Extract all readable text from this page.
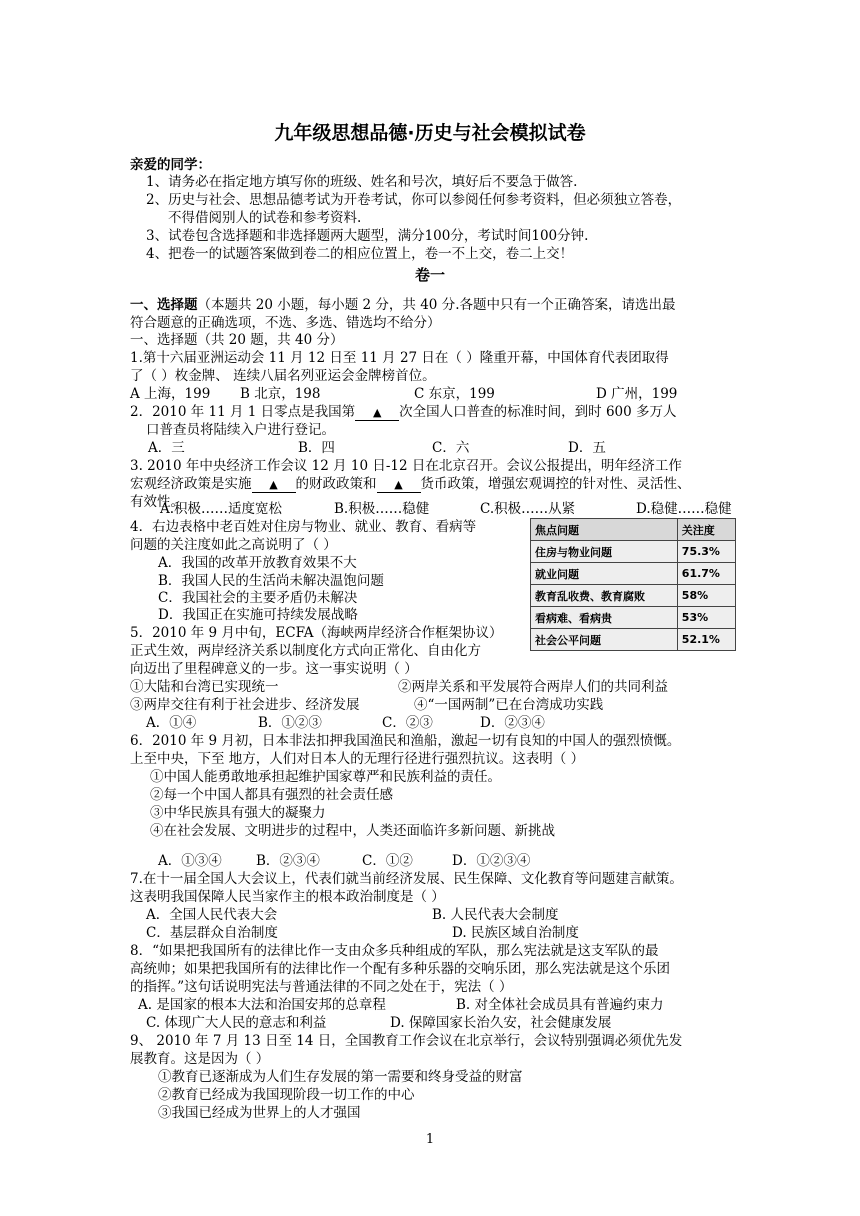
九年级思想品德·历史与社会模拟试卷
亲爱的同学：
1、请务必在指定地方填写你的班级、姓名和号次，填好后不要急于做答.
2、历史与社会、思想品德考试为开卷考试，你可以参阅任何参考资料，但必须独立答卷，
不得借阅别人的试卷和参考资料.
3、试卷包含选择题和非选择题两大题型，满分100分，考试时间100分钟.
4、把卷一的试题答案做到卷二的相应位置上，卷一不上交，卷二上交！
卷一
一、选择题（本题共 20 小题，每小题 2 分，共 40 分.各题中只有一个正确答案，请选出最
符合题意的正确选项，不选、多选、错选均不给分）
一、选择题（共 20 题，共 40 分）
1.第十六届亚洲运动会 11 月 12 日至 11 月 27 日在（ ）隆重开幕，中国体育代表团取得
了（ ）枚金牌、 连续八届名列亚运会金牌榜首位。
A 上海，199 B 北京，198	C 东京，199	D 广州，199
2．2010 年 11 月 1 日零点是我国第 ▲ 次全国人口普查的标准时间，到时 600 多万人
口普查员将陆续入户进行登记。
A．三	B．四	C．六	D．五
3. 2010 年中央经济工作会议 12 月 10 日-12 日在北京召开。会议公报提出，明年经济工作
宏观经济政策是实施 ▲ 的财政政策和 ▲ 货币政策，增强宏观调控的针对性、灵活性、
有效性。
A.积极……适度宽松	B.积极……稳健	C.积极……从紧	D.稳健……稳健
4．右边表格中老百姓对住房与物业、就业、教育、看病等
问题的关注度如此之高说明了（ ）
A．我国的改革开放教育效果不大
B．我国人民的生活尚未解决温饱问题
C．我国社会的主要矛盾仍未解决
D．我国正在实施可持续发展战略
焦点问题	关注度
住房与物业问题	75.3%
就业问题	61.7%
教育乱收费、教育腐败	58%
看病难、看病贵	53%
社会公平问题	52.1%
5．2010 年 9 月中旬，ECFA（海峡两岸经济合作框架协议）
正式生效，两岸经济关系以制度化方式向正常化、自由化方
向迈出了里程碑意义的一步。这一事实说明（ ）
①大陆和台湾已实现统一	②两岸关系和平发展符合两岸人们的共同利益
③两岸交往有利于社会进步、经济发展	④“一国两制”已在台湾成功实践
A．①④	B．①②③	C．②③	D．②③④
6．2010 年 9 月初，日本非法扣押我国渔民和渔船，激起一切有良知的中国人的强烈愤慨。
上至中央，下至 地方，人们对日本人的无理行径进行强烈抗议。这表明（ ）
①中国人能勇敢地承担起维护国家尊严和民族利益的责任。
②每一个中国人都具有强烈的社会责任感
③中华民族具有强大的凝聚力
④在社会发展、文明进步的过程中，人类还面临许多新问题、新挑战
A．①③④	B．②③④	C．①②	D．①②③④
7.在十一届全国人大会议上，代表们就当前经济发展、民生保障、文化教育等问题建言献策。
这表明我国保障人民当家作主的根本政治制度是（ ）
A．全国人民代表大会	B. 人民代表大会制度
C．基层群众自治制度	D. 民族区域自治制度
8．“如果把我国所有的法律比作一支由众多兵种组成的军队，那么宪法就是这支军队的最
高统帅；如果把我国所有的法律比作一个配有多种乐器的交响乐团，那么宪法就是这个乐团
的指挥。”这句话说明宪法与普通法律的不同之处在于，宪法（ ）
A. 是国家的根本大法和治国安邦的总章程	B. 对全体社会成员具有普遍约束力
C. 体现广大人民的意志和利益	D. 保障国家长治久安，社会健康发展
9、 2010 年 7 月 13 日至 14 日，全国教育工作会议在北京举行，会议特别强调必须优先发
展教育。这是因为（ ）
①教育已逐渐成为人们生存发展的第一需要和终身受益的财富
②教育已经成为我国现阶段一切工作的中心
③我国已经成为世界上的人才强国
1
